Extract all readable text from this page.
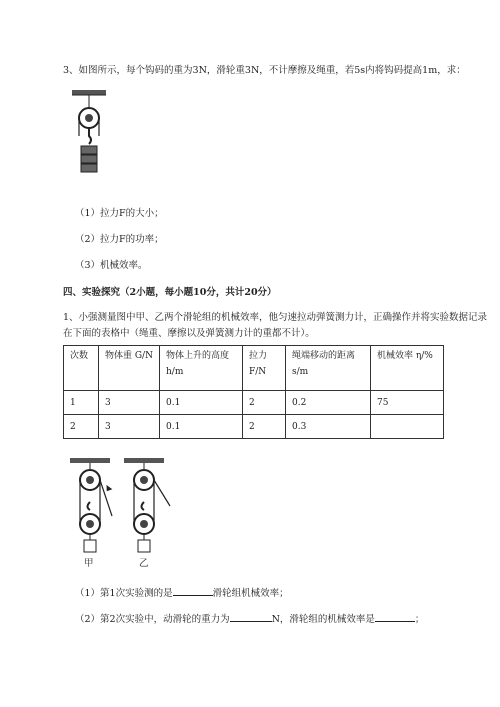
3、如图所示，每个钩码的重为3N，滑轮重3N，不计摩擦及绳重，若5s内将钩码提高1m，求：
（1）拉力F的大小；
（2）拉力F的功率；
（3）机械效率。
四、实验探究（2小题，每小题10分，共计20分）
1、小强测量图中甲、乙两个滑轮组的机械效率，他匀速拉动弹簧测力计，正确操作并将实验数据记录
在下面的表格中（绳重、摩擦以及弹簧测力计的重都不计）。
次数	物体重 G/N	物体上升的高度 h/m	拉力 F/N	绳端移动的距离 s/m	机械效率 η/%
1	3	0.1	2	0.2	75
2	3	0.1	2	0.3	
甲	乙
（1）第1次实验测的是	滑轮组机械效率；
（2）第2次实验中，动滑轮的重力为	N，滑轮组的机械效率是	；
